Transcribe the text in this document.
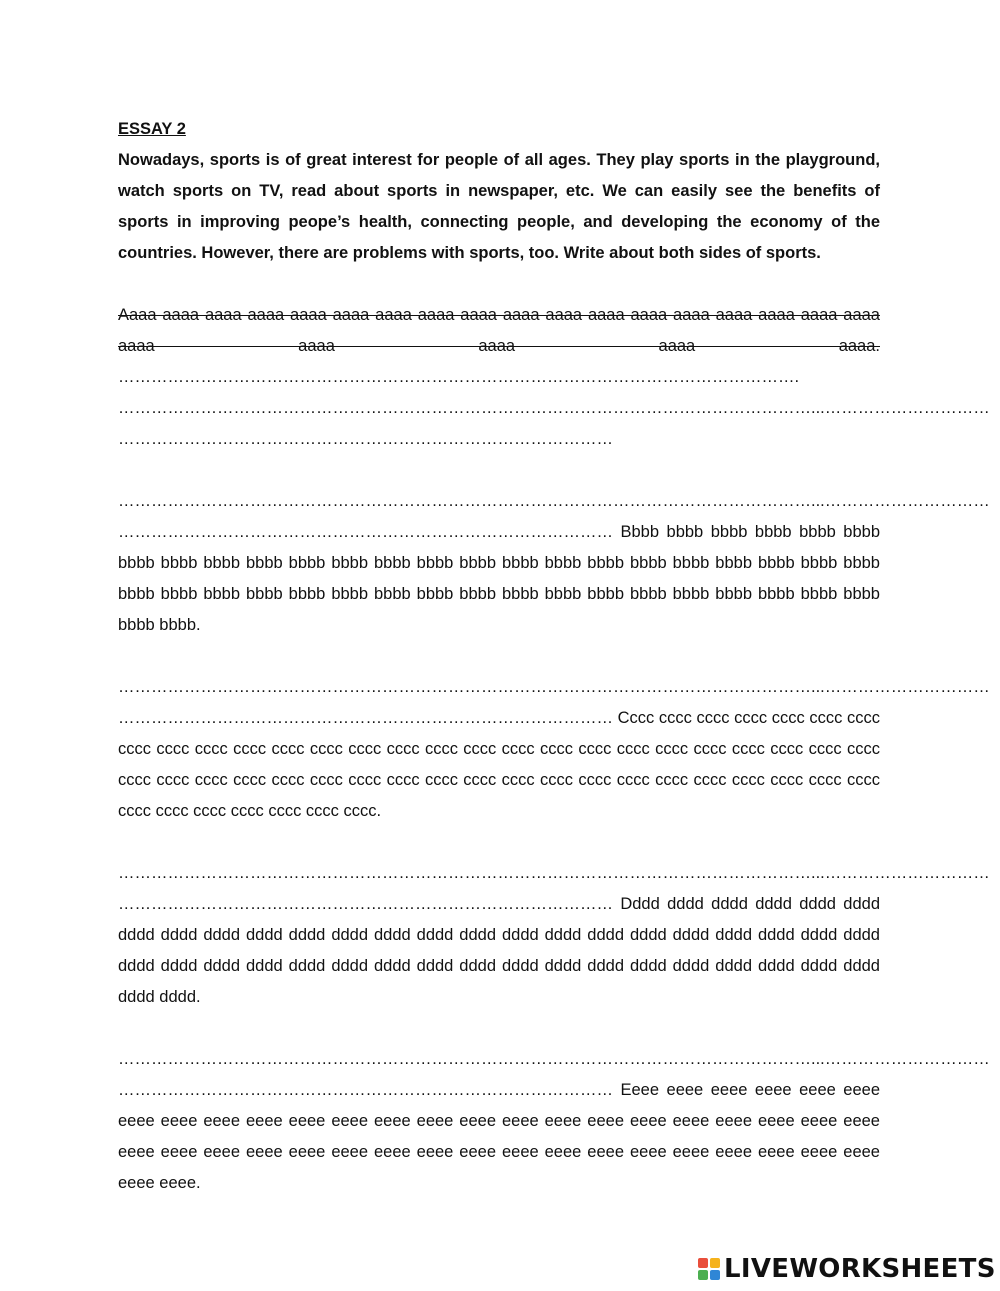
ESSAY 2

Nowadays, sports is of great interest for people of all ages. They play sports in the playground, watch sports on TV, read about sports in newspaper, etc. We can easily see the benefits of sports in improving peope’s health, connecting people, and developing the economy of the countries. However, there are problems with sports, too. Write about both sides of sports.

Aaaa aaaa aaaa aaaa aaaa aaaa aaaa aaaa aaaa aaaa aaaa aaaa aaaa aaaa aaaa aaaa aaaa aaaa aaaa aaaa aaaa aaaa aaaa. …………………………………………………………………………………………………………….

………………………………………………………………………………………………………………...…………………………
………………………………………………………………………………
………………………………………………………………………………………………………………...…………………………

……………………………………………………………………………… Bbbb bbbb bbbb bbbb bbbb bbbb bbbb bbbb bbbb bbbb bbbb bbbb bbbb bbbb bbbb bbbb bbbb bbbb bbbb bbbb bbbb bbbb bbbb bbbb bbbb bbbb bbbb bbbb bbbb bbbb bbbb bbbb bbbb bbbb bbbb bbbb bbbb bbbb bbbb bbbb bbbb bbbb bbbb bbbb.

………………………………………………………………………………………………………………...…………………………

……………………………………………………………………………… Cccc cccc cccc cccc cccc cccc cccc cccc cccc cccc cccc cccc cccc cccc cccc cccc cccc cccc cccc cccc cccc cccc cccc cccc cccc cccc cccc cccc cccc cccc cccc cccc cccc cccc cccc cccc cccc cccc cccc cccc cccc cccc cccc cccc cccc cccc cccc cccc cccc cccc cccc cccc cccc cccc.

………………………………………………………………………………………………………………...…………………………

……………………………………………………………………………… Dddd dddd dddd dddd dddd dddd dddd dddd dddd dddd dddd dddd dddd dddd dddd dddd dddd dddd dddd dddd dddd dddd dddd dddd dddd dddd dddd dddd dddd dddd dddd dddd dddd dddd dddd dddd dddd dddd dddd dddd dddd dddd dddd dddd.

………………………………………………………………………………………………………………...…………………………

……………………………………………………………………………… Eeee eeee eeee eeee eeee eeee eeee eeee eeee eeee eeee eeee eeee eeee eeee eeee eeee eeee eeee eeee eeee eeee eeee eeee eeee eeee eeee eeee eeee eeee eeee eeee eeee eeee eeee eeee eeee eeee eeee eeee eeee eeee eeee eeee.

LIVEWORKSHEETS
